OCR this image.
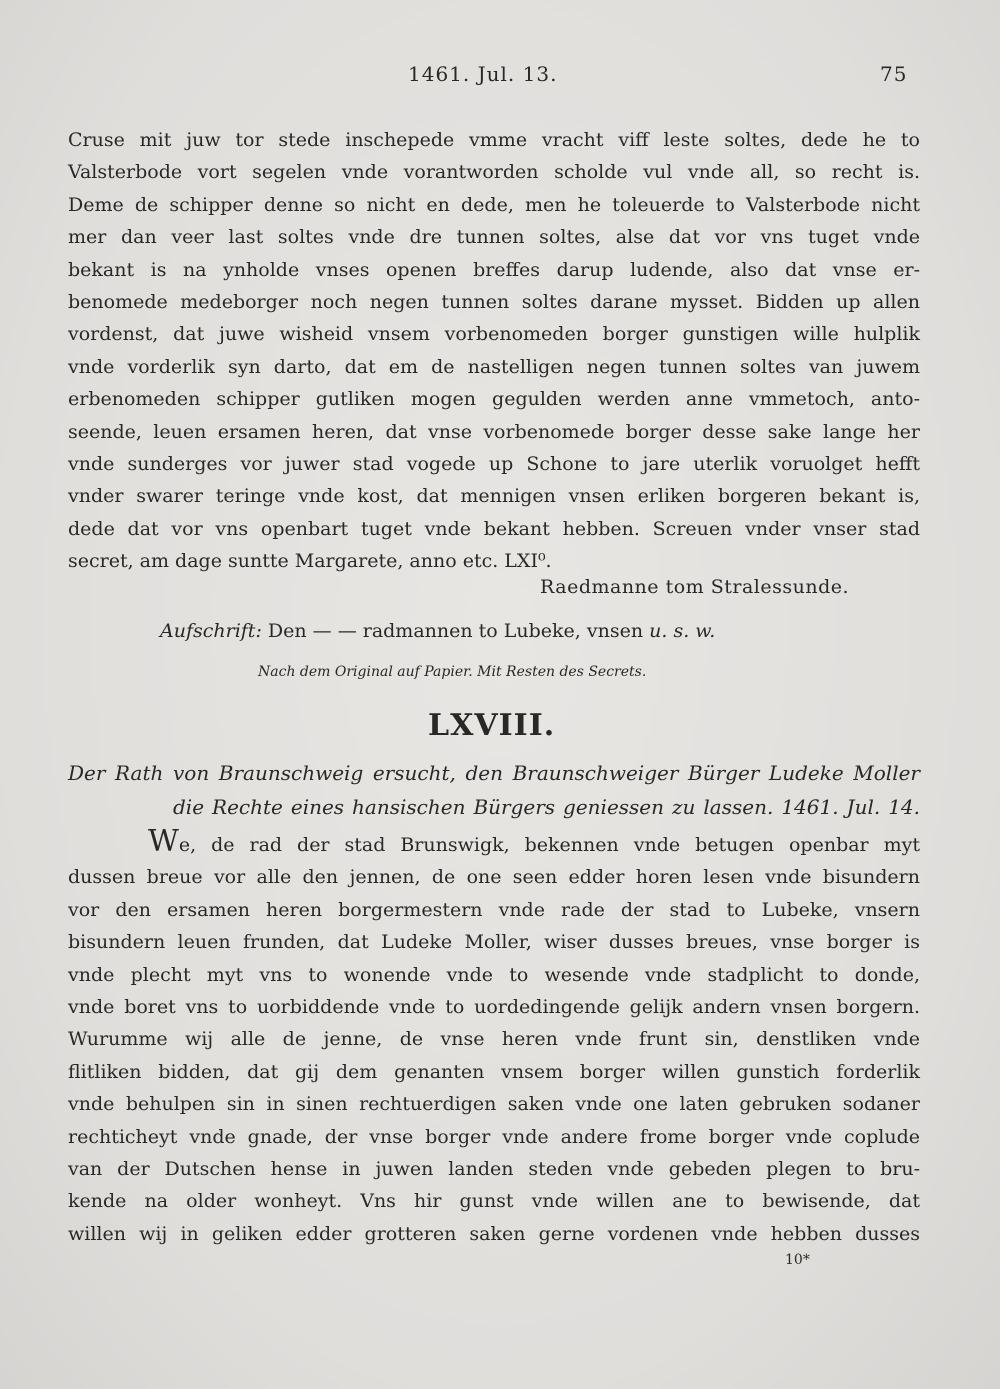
1461. Jul. 13.	75
Cruse mit juw tor stede inschepede vmme vracht viff leste soltes, dede he to
Valsterbode vort segelen vnde vorantworden scholde vul vnde all, so recht is.
Deme de schipper denne so nicht en dede, men he toleuerde to Valsterbode nicht
mer dan veer last soltes vnde dre tunnen soltes, alse dat vor vns tuget vnde
bekant is na ynholde vnses openen breffes darup ludende, also dat vnse er-
benomede medeborger noch negen tunnen soltes darane mysset. Bidden up allen
vordenst, dat juwe wisheid vnsem vorbenomeden borger gunstigen wille hulplik
vnde vorderlik syn darto, dat em de nastelligen negen tunnen soltes van juwem
erbenomeden schipper gutliken mogen gegulden werden anne vmmetoch, anto-
seende, leuen ersamen heren, dat vnse vorbenomede borger desse sake lange her
vnde sunderges vor juwer stad vogede up Schone to jare uterlik voruolget hefft
vnder swarer teringe vnde kost, dat mennigen vnsen erliken borgeren bekant is,
dede dat vor vns openbart tuget vnde bekant hebben. Screuen vnder vnser stad
secret, am dage suntte Margarete, anno etc. LXI⁰.
Raedmanne tom Stralessunde.
Aufschrift: Den — — radmannen to Lubeke, vnsen u. s. w.
Nach dem Original auf Papier. Mit Resten des Secrets.
LXVIII.
Der Rath von Braunschweig ersucht, den Braunschweiger Bürger Ludeke Moller
die Rechte eines hansischen Bürgers geniessen zu lassen. 1461. Jul. 14.
We, de rad der stad Brunswigk, bekennen vnde betugen openbar myt
dussen breue vor alle den jennen, de one seen edder horen lesen vnde bisundern
vor den ersamen heren borgermestern vnde rade der stad to Lubeke, vnsern
bisundern leuen frunden, dat Ludeke Moller, wiser dusses breues, vnse borger is
vnde plecht myt vns to wonende vnde to wesende vnde stadplicht to donde,
vnde boret vns to uorbiddende vnde to uordedingende gelijk andern vnsen borgern.
Wurumme wij alle de jenne, de vnse heren vnde frunt sin, denstliken vnde
flitliken bidden, dat gij dem genanten vnsem borger willen gunstich forderlik
vnde behulpen sin in sinen rechtuerdigen saken vnde one laten gebruken sodaner
rechticheyt vnde gnade, der vnse borger vnde andere frome borger vnde coplude
van der Dutschen hense in juwen landen steden vnde gebeden plegen to bru-
kende na older wonheyt. Vns hir gunst vnde willen ane to bewisende, dat
willen wij in geliken edder grotteren saken gerne vordenen vnde hebben dusses
10*
